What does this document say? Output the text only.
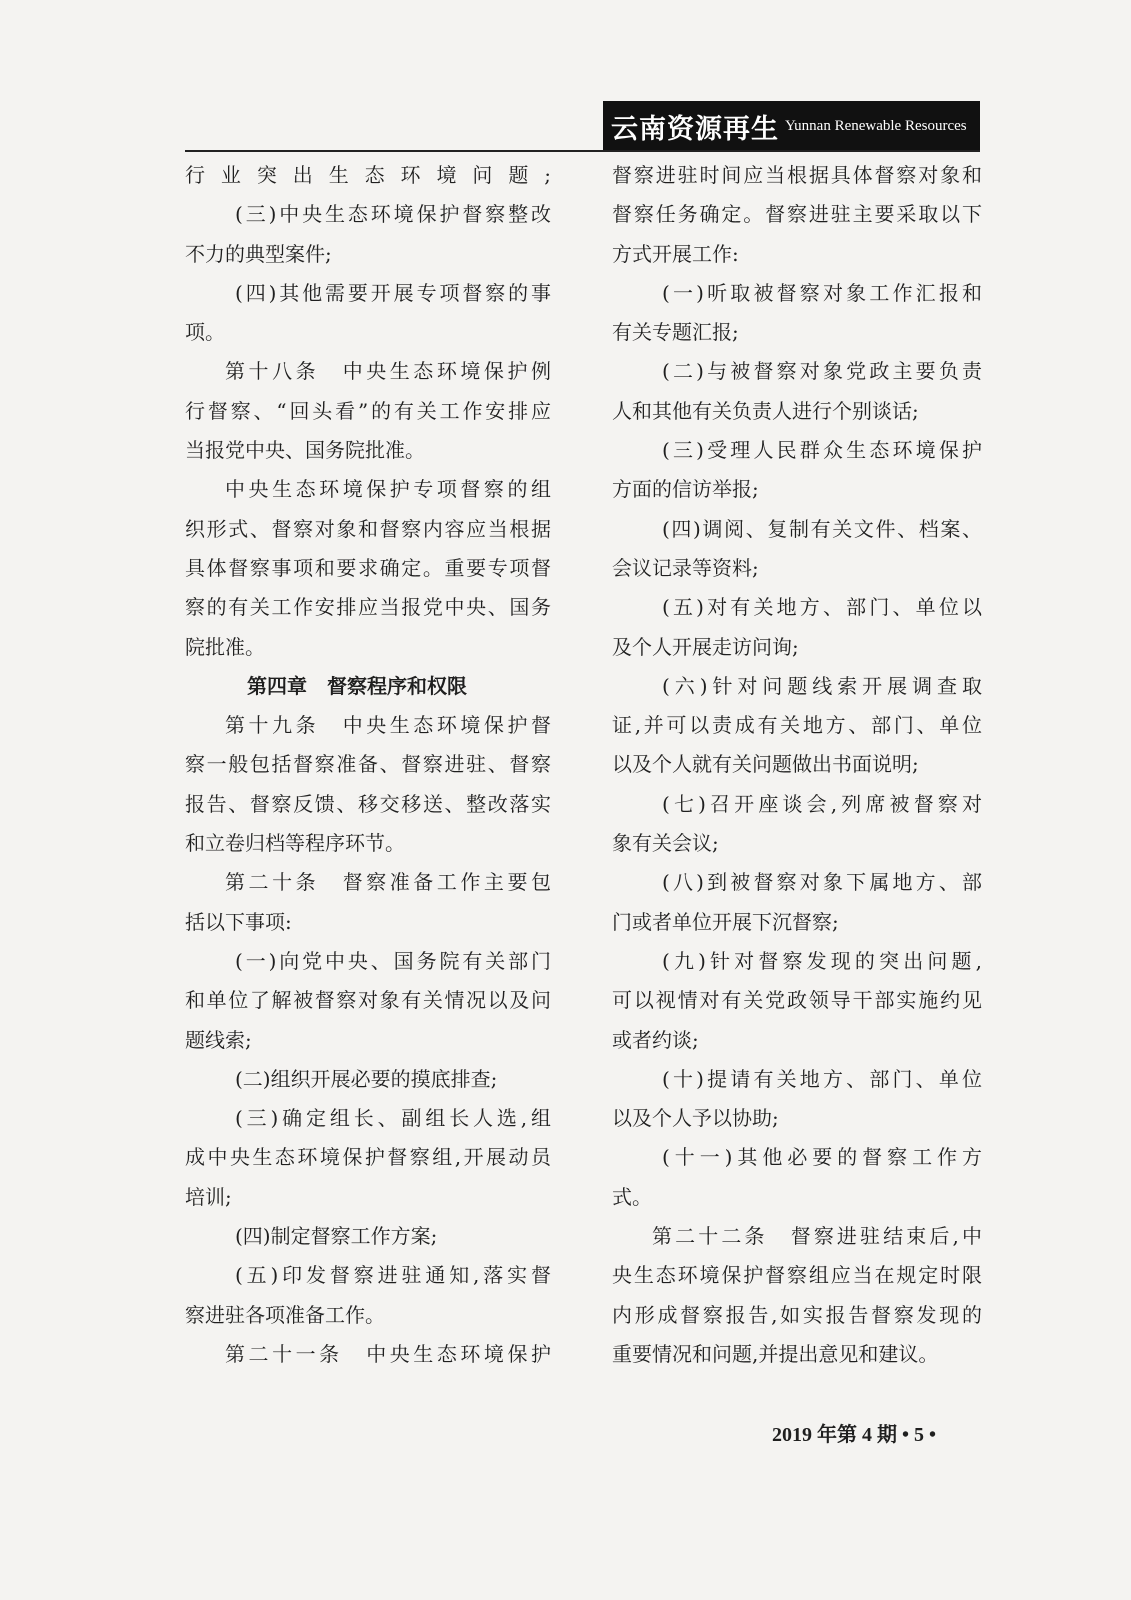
云南资源再生 Yunnan Renewable Resources
行业突出生态环境问题;
(三)中央生态环境保护督察整改
不力的典型案件;
(四)其他需要开展专项督察的事
项。
第十八条　中央生态环境保护例
行督察、“回头看”的有关工作安排应
当报党中央、国务院批准。
中央生态环境保护专项督察的组
织形式、督察对象和督察内容应当根据
具体督察事项和要求确定。重要专项督
察的有关工作安排应当报党中央、国务
院批准。
第四章　督察程序和权限
第十九条　中央生态环境保护督
察一般包括督察准备、督察进驻、督察
报告、督察反馈、移交移送、整改落实
和立卷归档等程序环节。
第二十条　督察准备工作主要包
括以下事项:
(一)向党中央、国务院有关部门
和单位了解被督察对象有关情况以及问
题线索;
(二)组织开展必要的摸底排查;
(三)确定组长、副组长人选,组
成中央生态环境保护督察组,开展动员
培训;
(四)制定督察工作方案;
(五)印发督察进驻通知,落实督
察进驻各项准备工作。
第二十一条　中央生态环境保护
督察进驻时间应当根据具体督察对象和
督察任务确定。督察进驻主要采取以下
方式开展工作:
(一)听取被督察对象工作汇报和
有关专题汇报;
(二)与被督察对象党政主要负责
人和其他有关负责人进行个别谈话;
(三)受理人民群众生态环境保护
方面的信访举报;
(四)调阅、复制有关文件、档案、
会议记录等资料;
(五)对有关地方、部门、单位以
及个人开展走访问询;
(六)针对问题线索开展调查取
证,并可以责成有关地方、部门、单位
以及个人就有关问题做出书面说明;
(七)召开座谈会,列席被督察对
象有关会议;
(八)到被督察对象下属地方、部
门或者单位开展下沉督察;
(九)针对督察发现的突出问题,
可以视情对有关党政领导干部实施约见
或者约谈;
(十)提请有关地方、部门、单位
以及个人予以协助;
(十一)其他必要的督察工作方
式。
第二十二条　督察进驻结束后,中
央生态环境保护督察组应当在规定时限
内形成督察报告,如实报告督察发现的
重要情况和问题,并提出意见和建议。
2019 年第 4 期 • 5 •
